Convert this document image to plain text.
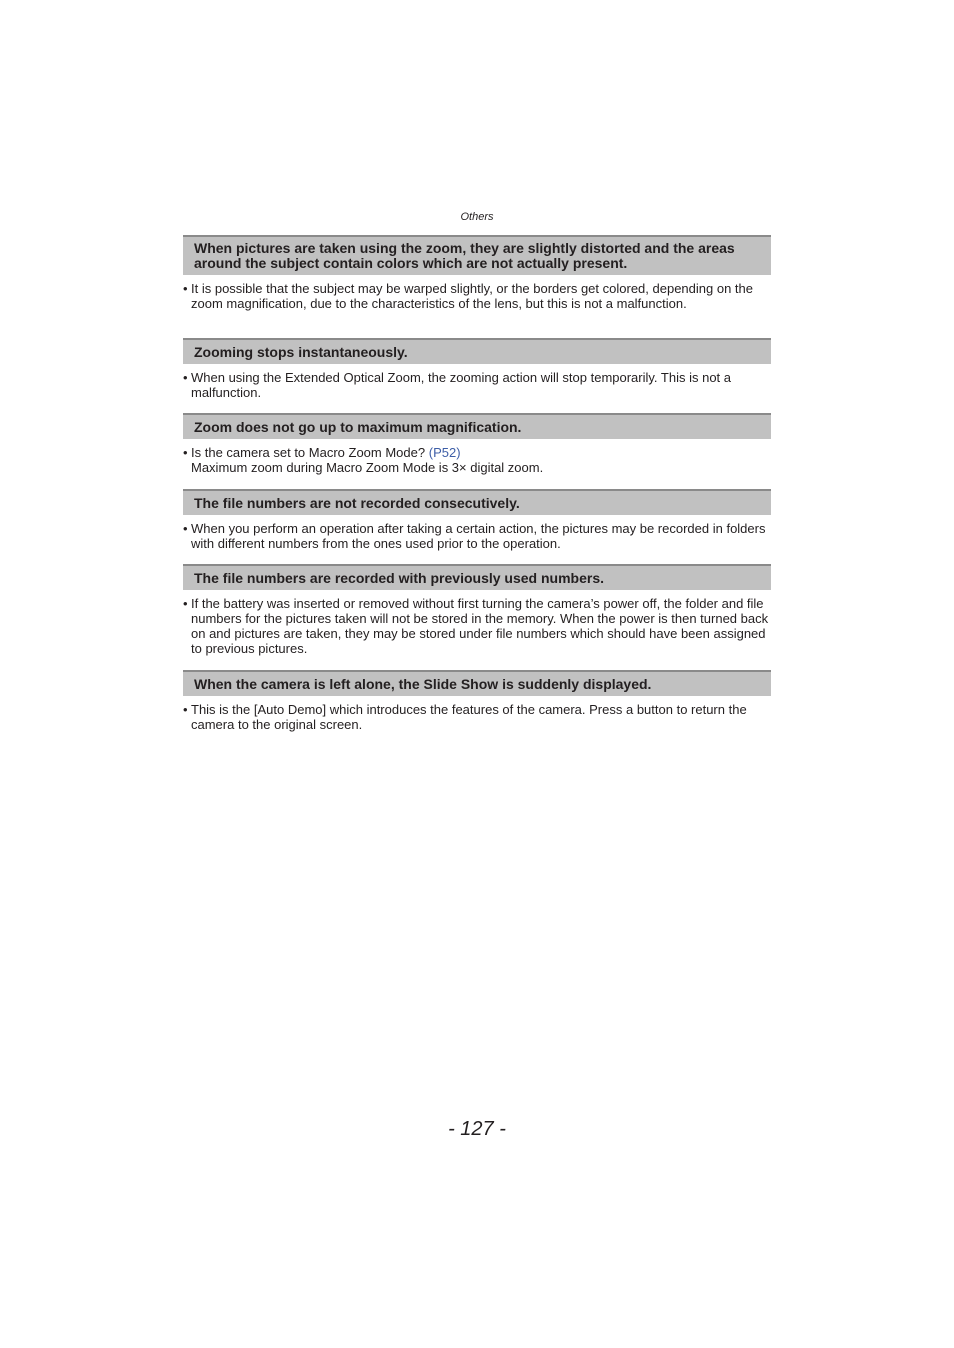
Others
When pictures are taken using the zoom, they are slightly distorted and the areas around the subject contain colors which are not actually present.
• It is possible that the subject may be warped slightly, or the borders get colored, depending on the zoom magnification, due to the characteristics of the lens, but this is not a malfunction.
Zooming stops instantaneously.
• When using the Extended Optical Zoom, the zooming action will stop temporarily. This is not a malfunction.
Zoom does not go up to maximum magnification.
• Is the camera set to Macro Zoom Mode? (P52)
Maximum zoom during Macro Zoom Mode is 3× digital zoom.
The file numbers are not recorded consecutively.
• When you perform an operation after taking a certain action, the pictures may be recorded in folders with different numbers from the ones used prior to the operation.
The file numbers are recorded with previously used numbers.
• If the battery was inserted or removed without first turning the camera’s power off, the folder and file numbers for the pictures taken will not be stored in the memory. When the power is then turned back on and pictures are taken, they may be stored under file numbers which should have been assigned to previous pictures.
When the camera is left alone, the Slide Show is suddenly displayed.
• This is the [Auto Demo] which introduces the features of the camera. Press a button to return the camera to the original screen.
- 127 -
